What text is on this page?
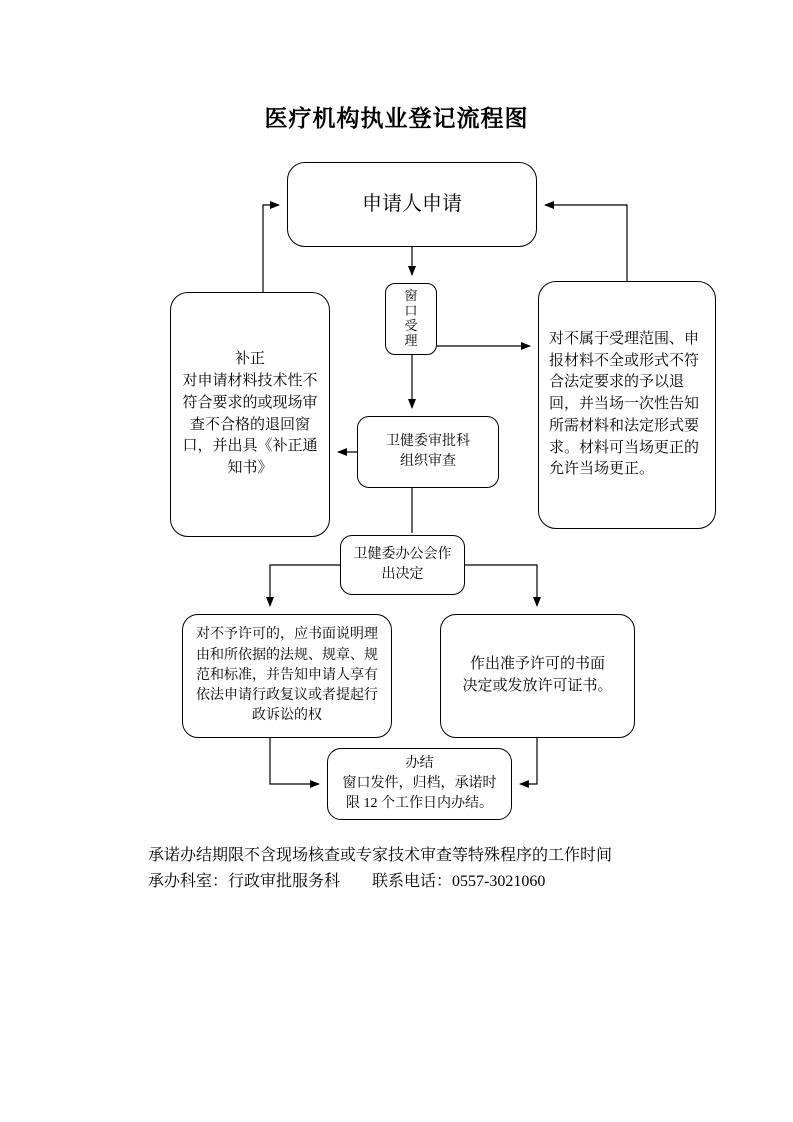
医疗机构执业登记流程图
申请人申请
窗
口
受
理	对不属于受理范围、申报材料不全或形式不符合法定要求的予以退回，并当场一次性告知所需材料和法定形式要求。材料可当场更正的允许当场更正。
补正
对申请材料技术性不符合要求的或现场审查不合格的退回窗口，并出具《补正通知书》
卫健委审批科
组织审查
卫健委办公会作
出决定
对不予许可的，应书面说明理由和所依据的法规、规章、规范和标准，并告知申请人享有依法申请行政复议或者提起行政诉讼的权
作出准予许可的书面
决定或发放许可证书。
办结
窗口发件，归档，承诺时
限 12 个工作日内办结。
承诺办结期限不含现场核查或专家技术审查等特殊程序的工作时间
承办科室：行政审批服务科　　联系电话：0557-3021060
